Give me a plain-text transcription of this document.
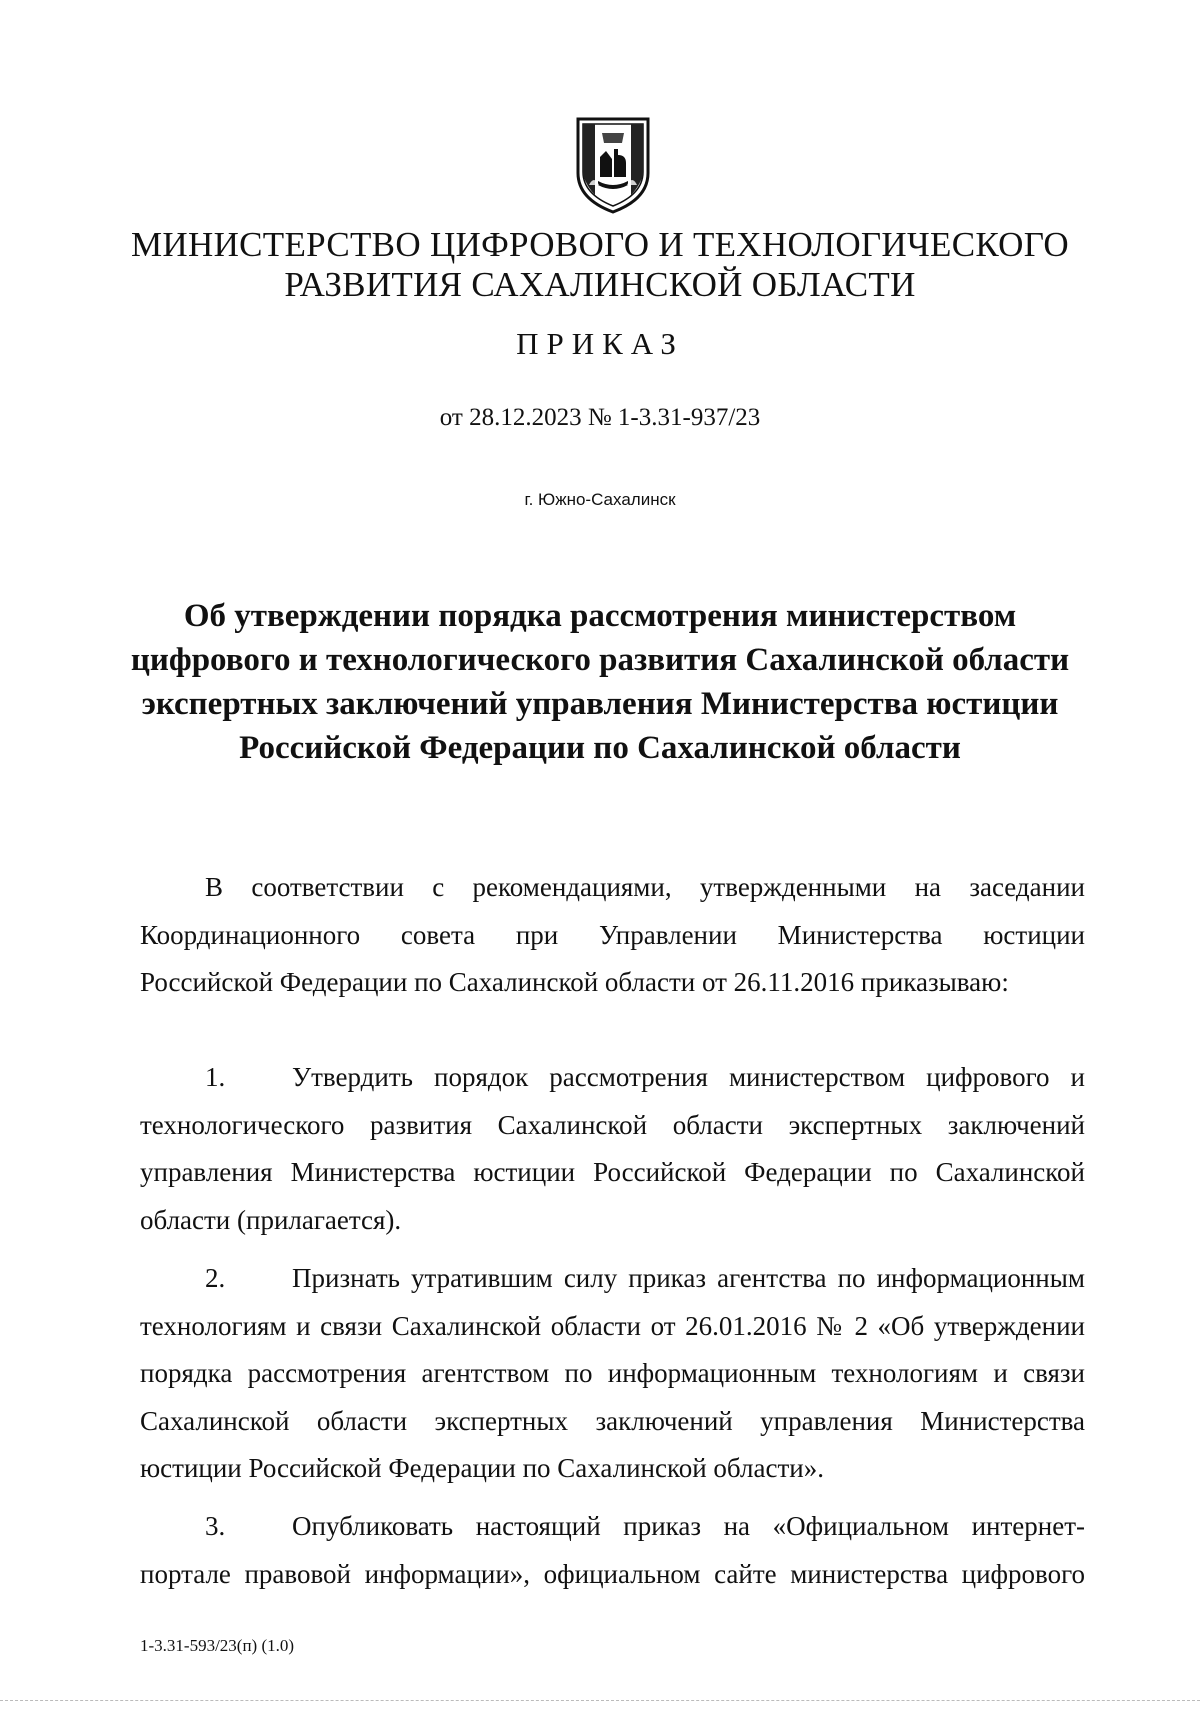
МИНИСТЕРСТВО ЦИФРОВОГО И ТЕХНОЛОГИЧЕСКОГО
РАЗВИТИЯ САХАЛИНСКОЙ ОБЛАСТИ
ПРИКАЗ
от 28.12.2023 № 1-3.31-937/23
г. Южно-Сахалинск
Об утверждении порядка рассмотрения министерством
цифрового и технологического развития Сахалинской области
экспертных заключений управления Министерства юстиции
Российской Федерации по Сахалинской области
В соответствии с рекомендациями, утвержденными на заседании
Координационного совета при Управлении Министерства юстиции
Российской Федерации по Сахалинской области от 26.11.2016 приказываю:
1. Утвердить порядок рассмотрения министерством цифрового и
технологического развития Сахалинской области экспертных заключений
управления Министерства юстиции Российской Федерации по Сахалинской
области (прилагается).
2. Признать утратившим силу приказ агентства по информационным
технологиям и связи Сахалинской области от 26.01.2016 № 2 «Об утверждении
порядка рассмотрения агентством по информационным технологиям и связи
Сахалинской области экспертных заключений управления Министерства
юстиции Российской Федерации по Сахалинской области».
3. Опубликовать настоящий приказ на «Официальном интернет-
портале правовой информации», официальном сайте министерства цифрового
1-3.31-593/23(п) (1.0)
